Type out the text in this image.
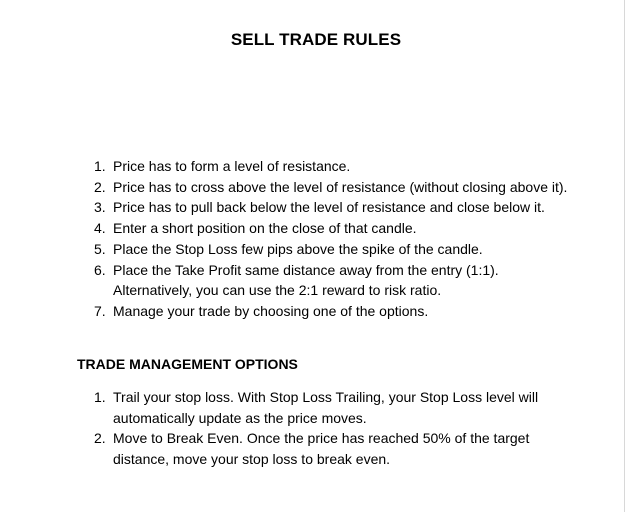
SELL TRADE RULES
1. Price has to form a level of resistance.
2. Price has to cross above the level of resistance (without closing above it).
3. Price has to pull back below the level of resistance and close below it.
4. Enter a short position on the close of that candle.
5. Place the Stop Loss few pips above the spike of the candle.
6. Place the Take Profit same distance away from the entry (1:1). Alternatively, you can use the 2:1 reward to risk ratio.
7. Manage your trade by choosing one of the options.
TRADE MANAGEMENT OPTIONS
1. Trail your stop loss. With Stop Loss Trailing, your Stop Loss level will automatically update as the price moves.
2. Move to Break Even. Once the price has reached 50% of the target distance, move your stop loss to break even.
